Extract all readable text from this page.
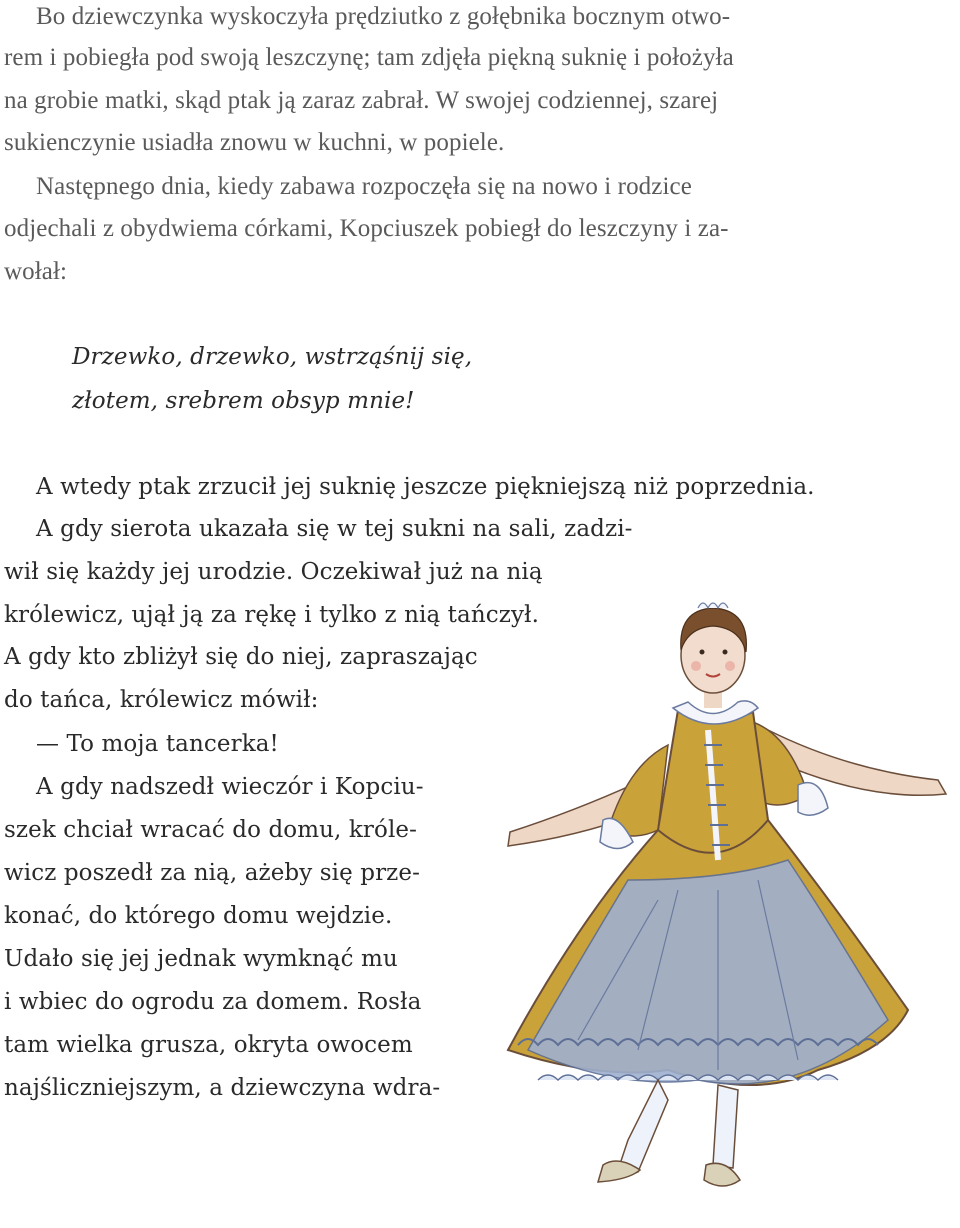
Bo dziewczynka wyskoczyła prędziutko z gołębnika bocznym otwo-

rem i pobiegła pod swoją leszczynę; tam zdjęła piękną suknię i położyła

na grobie matki, skąd ptak ją zaraz zabrał. W swojej codziennej, szarej

sukienczynie usiadła znowu w kuchni, w popiele.

Następnego dnia, kiedy zabawa rozpoczęła się na nowo i rodzice

odjechali z obydwiema córkami, Kopciuszek pobiegł do leszczyny i za-

wołał:

Drzewko, drzewko, wstrząśnij się,

złotem, srebrem obsyp mnie!

A wtedy ptak zrzucił jej suknię jeszcze piękniejszą niż poprzednia.

A gdy sierota ukazała się w tej sukni na sali, zadzi-

wił się każdy jej urodzie. Oczekiwał już na nią

królewicz, ujął ją za rękę i tylko z nią tańczył.

A gdy kto zbliżył się do niej, zapraszając

do tańca, królewicz mówił:

— To moja tancerka!

A gdy nadszedł wieczór i Kopciu-

szek chciał wracać do domu, króle-

wicz poszedł za nią, ażeby się prze-

konać, do którego domu wejdzie.

Udało się jej jednak wymknąć mu

i wbiec do ogrodu za domem. Rosła

tam wielka grusza, okryta owocem

najśliczniejszym, a dziewczyna wdra-
